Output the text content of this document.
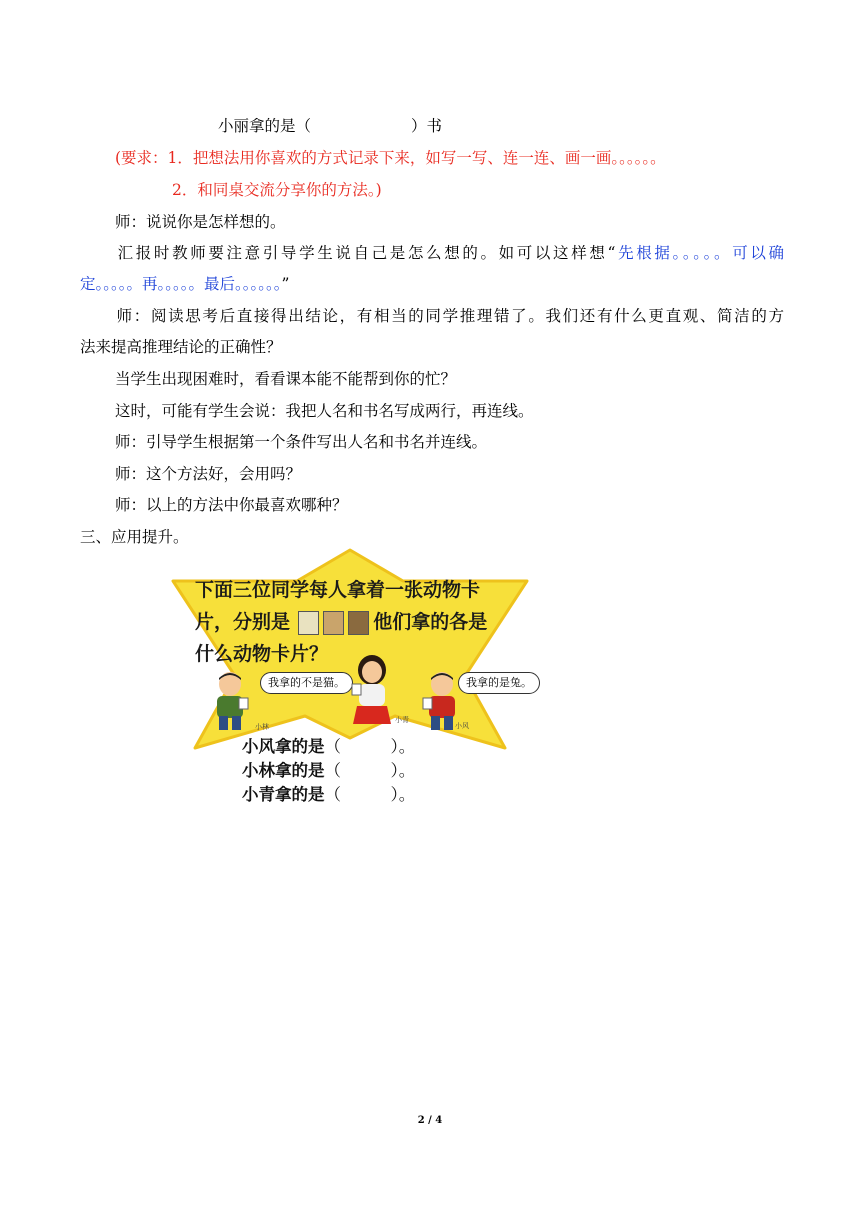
小丽拿的是（	）书
(要求：1．把想法用你喜欢的方式记录下来，如写一写、连一连、画一画。。。。。。
2．和同桌交流分享你的方法。)
师：说说你是怎样想的。
汇报时教师要注意引导学生说自己是怎么想的。如可以这样想“先根据。。。。。可以确
定。。。。。再。。。。。最后。。。。。。”
师：阅读思考后直接得出结论，有相当的同学推理错了。我们还有什么更直观、简洁的方
法来提高推理结论的正确性？
当学生出现困难时，看看课本能不能帮到你的忙？
这时，可能有学生会说：我把人名和书名写成两行，再连线。
师：引导学生根据第一个条件写出人名和书名并连线。
师：这个方法好，会用吗？
师：以上的方法中你最喜欢哪种？
三、应用提升。
下面三位同学每人拿着一张动物卡
片，分别是	他们拿的各是
什么动物卡片？
小林
我拿的不是猫。
小青
小风
我拿的是兔。
小风拿的是（　　　）。
小林拿的是（　　　）。
小青拿的是（　　　）。
2 / 4
